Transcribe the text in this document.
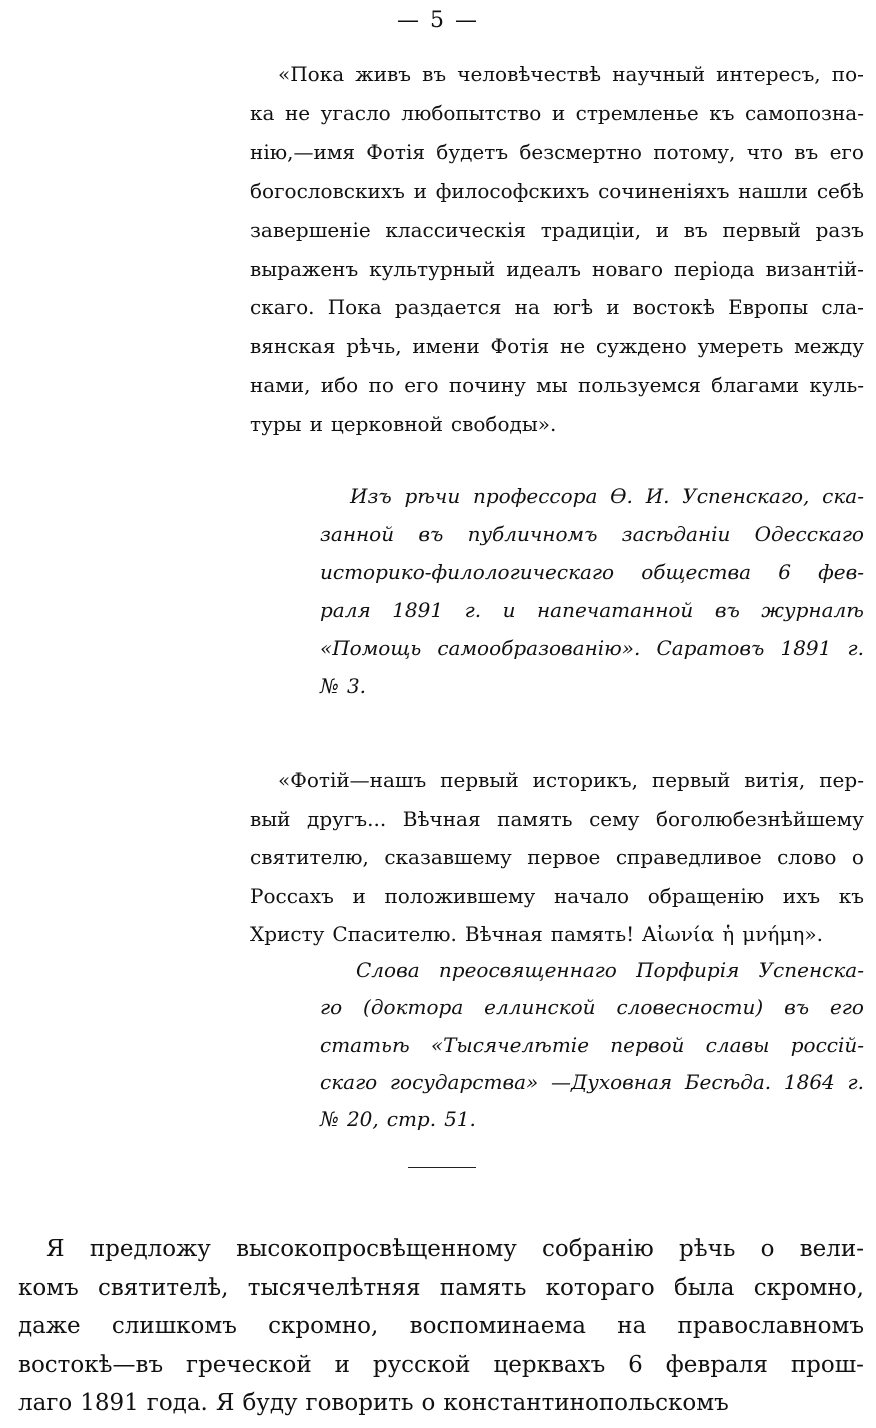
— 5 —
«Пока живъ въ человѣчествѣ научный интересъ, по-
ка не угасло любопытство и стремленье къ самопозна-
нію,—имя Фотія будетъ безсмертно потому, что въ его
богословскихъ и философскихъ сочиненіяхъ нашли себѣ
завершеніе классическія традиціи, и въ первый разъ
выраженъ культурный идеалъ новаго періода византій-
скаго. Пока раздается на югѣ и востокѣ Европы сла-
вянская рѣчь, имени Фотія не суждено умереть между
нами, ибо по его почину мы пользуемся благами куль-
туры и церковной свободы».
Изъ рѣчи профессора Ѳ. И. Успенскаго, ска-
занной въ публичномъ засѣданіи Одесскаго
историко-филологическаго общества 6 фев-
раля 1891 г. и напечатанной въ журналѣ
«Помощь самообразованію». Саратовъ 1891 г.
№ 3.
«Фотій—нашъ первый историкъ, первый витія, пер-
вый другъ... Вѣчная память сему боголюбезнѣйшему
святителю, сказавшему первое справедливое слово о
Россахъ и положившему начало обращенію ихъ къ
Христу Спасителю. Вѣчная память! Αἰωνία ἡ μνήμη».
Слова преосвященнаго Порфирія Успенска-
го (доктора еллинской словесности) въ его
статьѣ «Тысячелѣтіе первой славы россій-
скаго государства» —Духовная Бесѣда. 1864 г.
№ 20, стр. 51.
Я предложу высокопросвѣщенному собранію рѣчь о вели-
комъ святителѣ, тысячелѣтняя память котораго была скромно,
даже слишкомъ скромно, воспоминаема на православномъ
востокѣ—въ греческой и русской церквахъ 6 февраля прош-
лаго 1891 года. Я буду говорить о константинопольскомъ
